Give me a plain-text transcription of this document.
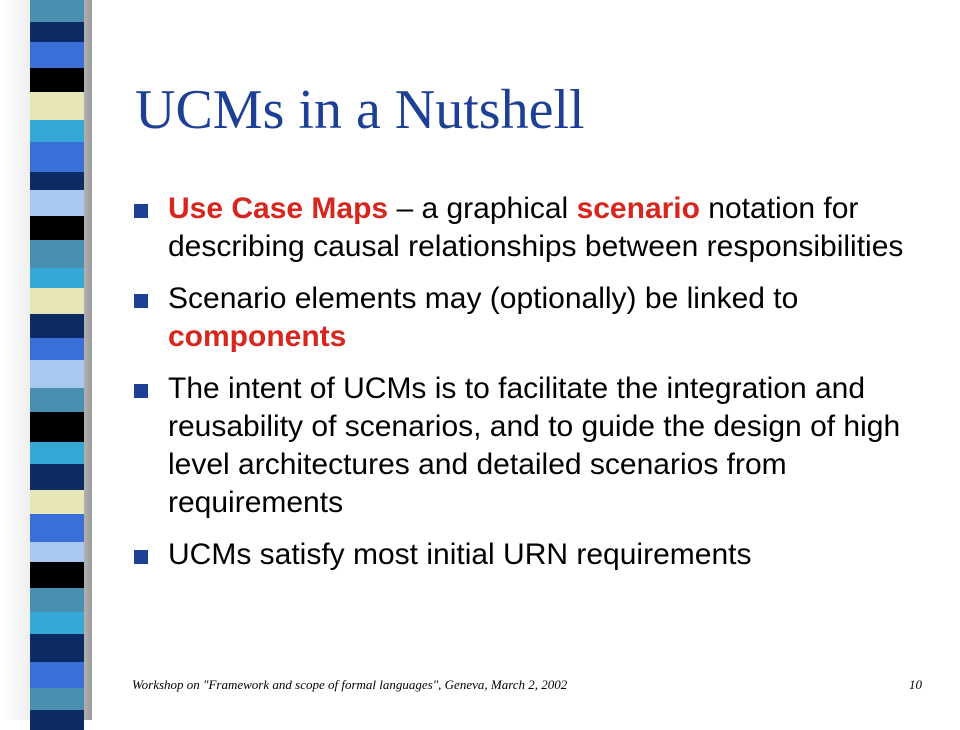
UCMs in a Nutshell
Use Case Maps – a graphical scenario notation for describing causal relationships between responsibilities
Scenario elements may (optionally) be linked to components
The intent of UCMs is to facilitate the integration and reusability of scenarios, and to guide the design of high level architectures and detailed scenarios from requirements
UCMs satisfy most initial URN requirements
Workshop on "Framework and scope of formal languages", Geneva, March 2, 2002	10
